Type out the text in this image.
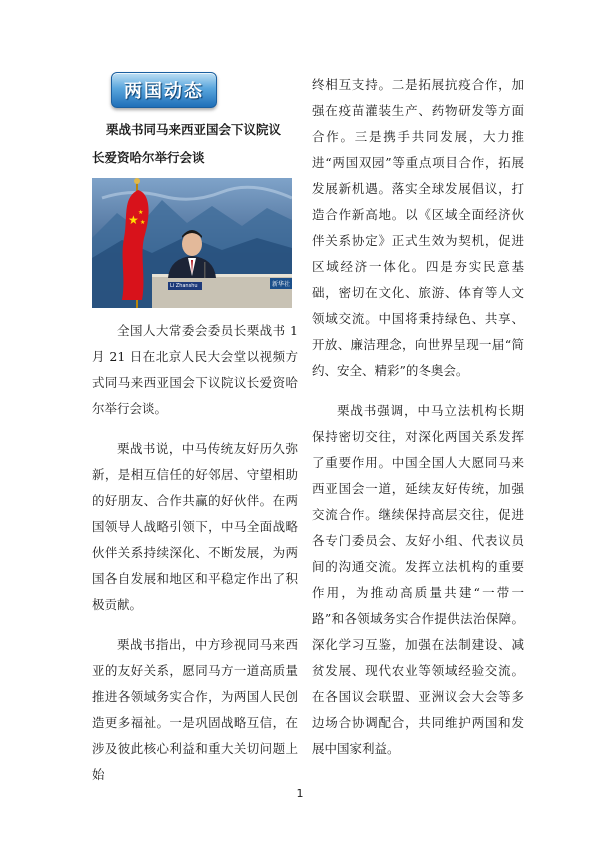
两国动态
栗战书同马来西亚国会下议院议
长爱资哈尔举行会谈
★
★
★
Li Zhanshu	新华社

全国人大常委会委员长栗战书 1 月 21 日在北京人民大会堂以视频方式同马来西亚国会下议院议长爱资哈尔举行会谈。

栗战书说，中马传统友好历久弥新，是相互信任的好邻居、守望相助的好朋友、合作共赢的好伙伴。在两国领导人战略引领下，中马全面战略伙伴关系持续深化、不断发展，为两国各自发展和地区和平稳定作出了积极贡献。

栗战书指出，中方珍视同马来西亚的友好关系，愿同马方一道高质量推进各领域务实合作，为两国人民创造更多福祉。一是巩固战略互信，在涉及彼此核心利益和重大关切问题上始

终相互支持。二是拓展抗疫合作，加强在疫苗灌装生产、药物研发等方面合作。三是携手共同发展，大力推进“两国双园”等重点项目合作，拓展发展新机遇。落实全球发展倡议，打造合作新高地。以《区域全面经济伙伴关系协定》正式生效为契机，促进区域经济一体化。四是夯实民意基础，密切在文化、旅游、体育等人文领域交流。中国将秉持绿色、共享、开放、廉洁理念，向世界呈现一届“简约、安全、精彩”的冬奥会。

栗战书强调，中马立法机构长期保持密切交往，对深化两国关系发挥了重要作用。中国全国人大愿同马来西亚国会一道，延续友好传统，加强交流合作。继续保持高层交往，促进各专门委员会、友好小组、代表议员间的沟通交流。发挥立法机构的重要作用，为推动高质量共建“一带一路”和各领域务实合作提供法治保障。深化学习互鉴，加强在法制建设、减贫发展、现代农业等领域经验交流。在各国议会联盟、亚洲议会大会等多边场合协调配合，共同维护两国和发展中国家利益。

1
